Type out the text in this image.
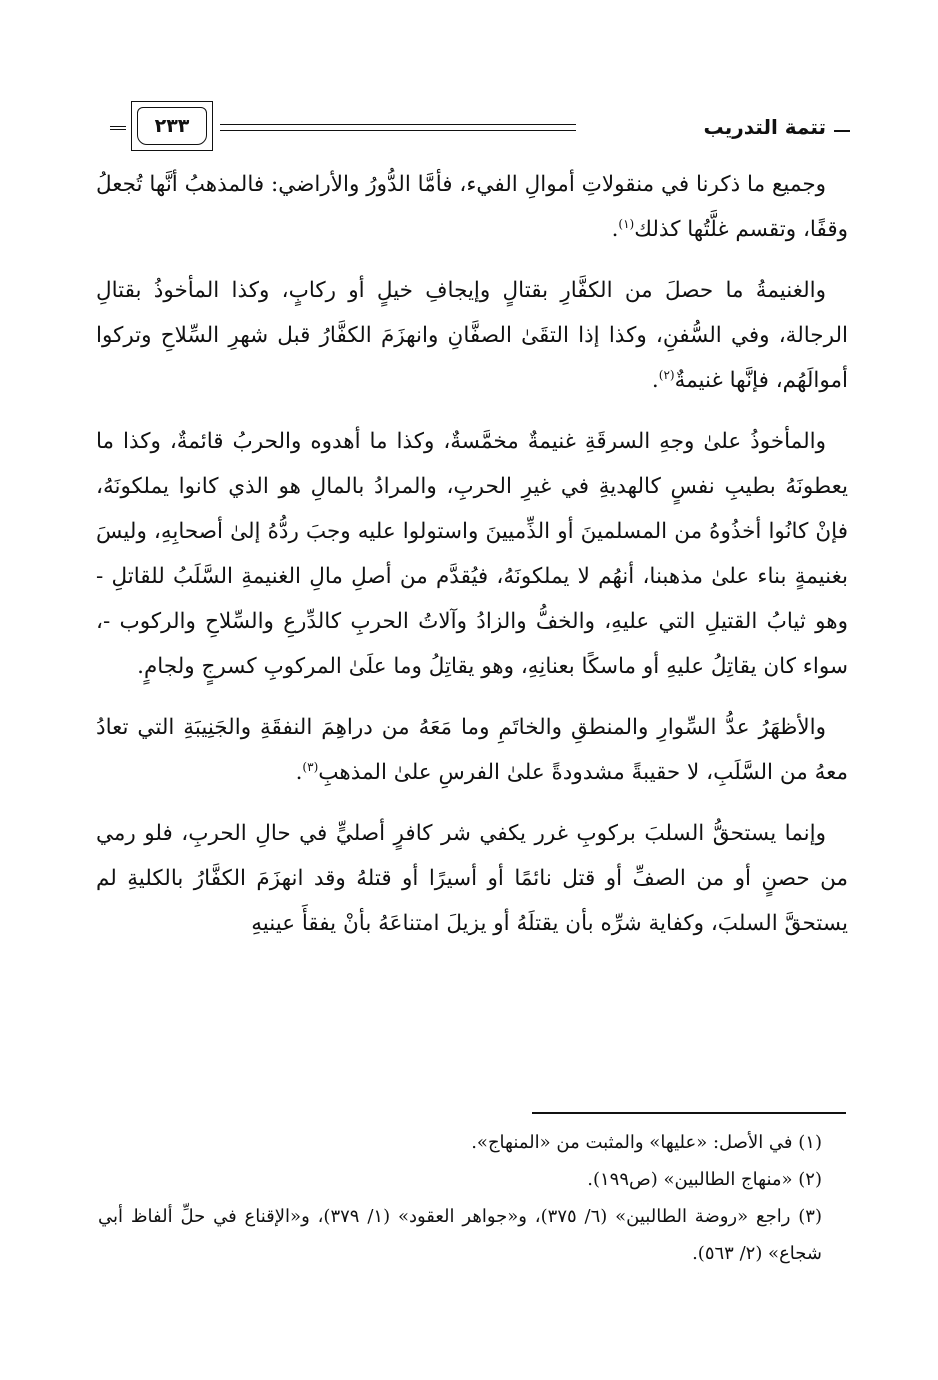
تتمة التدريب
٢٣٣

وجميع ما ذكرنا في منقولاتِ أموالِ الفيء، فأمَّا الدُّورُ والأراضي: فالمذهبُ أنَّها تُجعلُ وقفًا، وتقسم غلَّتُها كذلك$^{(١)}$.

والغنيمةُ ما حصلَ من الكفَّارِ بقتالٍ وإيجافِ خيلٍ أو ركابٍ، وكذا المأخوذُ بقتالِ الرجالة، وفي السُّفنِ، وكذا إذا التقَىٰ الصفَّانِ وانهزَمَ الكفَّارُ قبل شهرِ السِّلاحِ وتركوا أموالَهُم، فإنَّها غنيمةٌ$^{(٢)}$.

والمأخوذُ علىٰ وجهِ السرقَةِ غنيمةٌ مخمَّسةٌ، وكذا ما أهدوه والحربُ قائمةٌ، وكذا ما يعطونَهُ بطيبِ نفسٍ كالهديةِ في غيرِ الحربِ، والمرادُ بالمالِ هو الذي كانوا يملكونَهُ، فإنْ كانُوا أخذُوهُ من المسلمينَ أو الذِّميينَ واستولوا عليه وجبَ ردُّهُ إلىٰ أصحابِهِ، وليسَ بغنيمةٍ بناء علىٰ مذهبنا، أنهُم لا يملكونَهُ، فيُقدَّم من أصلِ مالِ الغنيمةِ السَّلَبُ للقاتلِ - وهو ثيابُ القتيلِ التي عليهِ، والخفُّ والزادُ وآلاتُ الحربِ كالدِّرعِ والسِّلاحِ والركوب -، سواء كان يقاتِلُ عليهِ أو ماسكًا بعنانِهِ، وهو يقاتِلُ وما علَىٰ المركوبِ كسرجٍ ولجامٍ.

والأظهَرُ عدُّ السِّوارِ والمنطقِ والخاتَمِ وما مَعَهُ من دراهِمَ النفقَةِ والجَنِيبَةِ التي تعادُ معهُ من السَّلَبِ، لا حقيبةً مشدودةً علىٰ الفرسِ علىٰ المذهبِ$^{(٣)}$.

وإنما يستحقُّ السلبَ بركوبِ غرر يكفي شر كافرٍ أصليٍّ في حالِ الحربِ، فلو رمي من حصنٍ أو من الصفِّ أو قتل نائمًا أو أسيرًا أو قتلهُ وقد انهزَمَ الكفَّارُ بالكليةِ لم يستحقَّ السلبَ، وكفاية شرِّه بأن يقتلَهُ أو يزيلَ امتناعَهُ بأنْ يفقأَ عينيهِ

(١) في الأصل: «عليها» والمثبت من «المنهاج».

(٢) «منهاج الطالبين» (ص١٩٩).

(٣) راجع «روضة الطالبين» (٦/ ٣٧٥)، و«جواهر العقود» (١/ ٣٧٩)، و«الإقناع في حلِّ ألفاظ أبي شجاع» (٢/ ٥٦٣).
